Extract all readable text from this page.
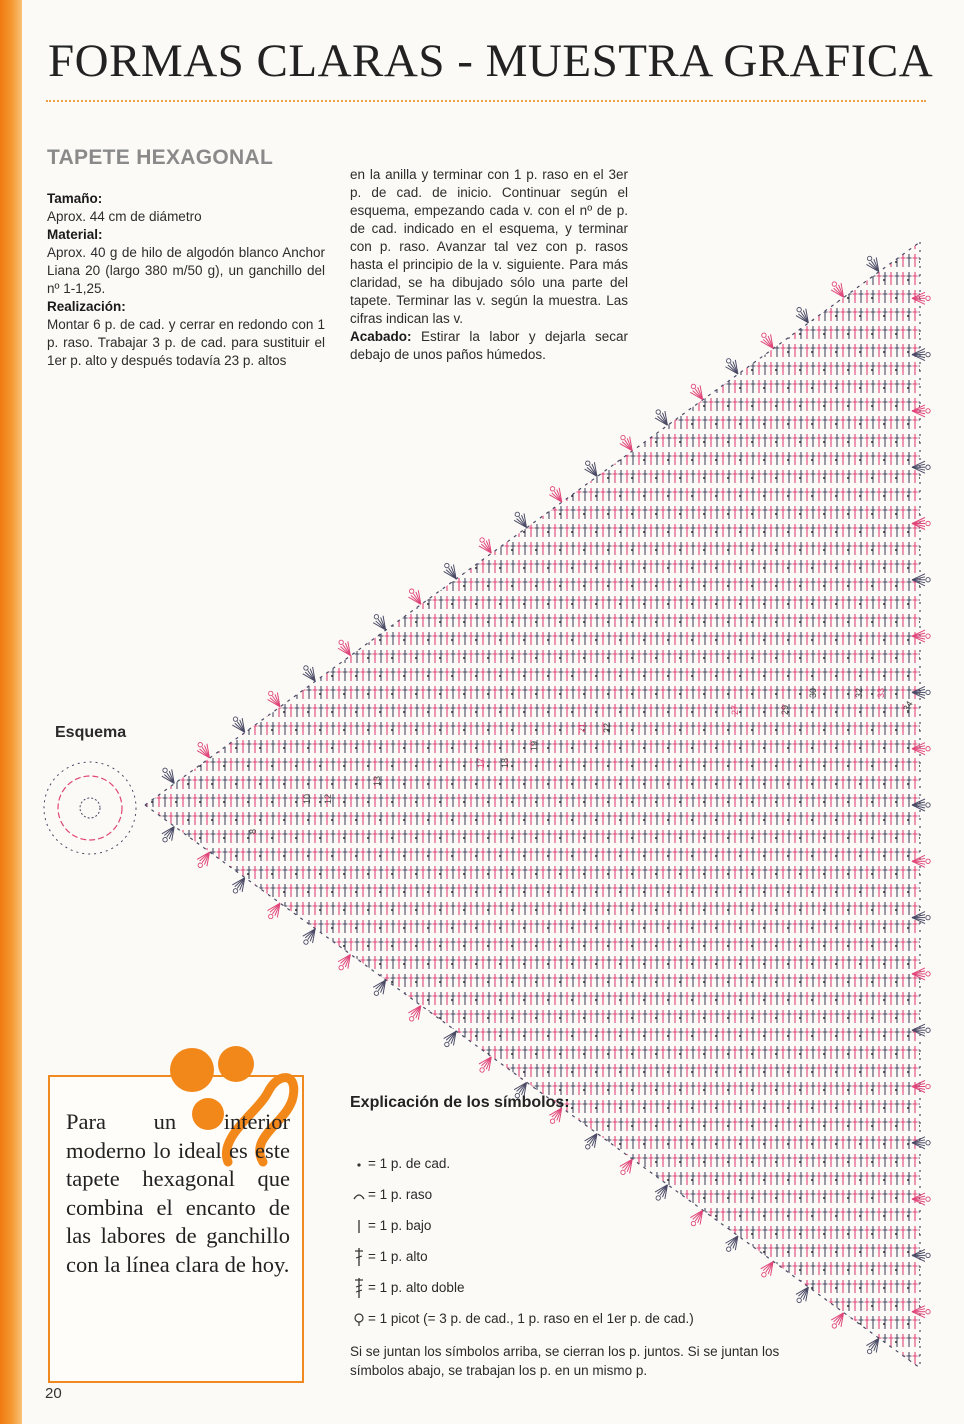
FORMAS CLARAS - MUESTRA GRAFICA
TAPETE HEXAGONAL

Tamaño:

Aprox. 44 cm de diámetro

Material:

Aprox. 40 g de hilo de algodón blanco Anchor Liana 20 (largo 380 m/50 g), un ganchillo del nº 1-1,25.

Realización:

Montar 6 p. de cad. y cerrar en redondo con 1 p. raso. Trabajar 3 p. de cad. para sustituir el 1er p. alto y después todavía 23 p. altos

en la anilla y terminar con 1 p. raso en el 3er p. de cad. de inicio. Continuar según el esquema, empezando cada v. con el nº de p. de cad. indicado en el esquema, y terminar con p. raso. Avanzar tal vez con p. rasos hasta el principio de la v. siguiente. Para más claridad, se ha dibujado sólo una parte del tapete. Terminar las v. según la muestra. Las cifras indican las v.

Acabado: Estirar la labor y dejarla secar debajo de unos paños húmedos.

8
10 12
13
17 18
19
21 22
27	29
30	32 33
34
Esquema

Para un interior moderno lo ideal es este tapete hexagonal que combina el encanto de las labores de ganchillo con la línea clara de hoy.

Explicación de los símbolos:
= 1 p. de cad.
= 1 p. raso
= 1 p. bajo
= 1 p. alto
= 1 p. alto doble
= 1 picot (= 3 p. de cad., 1 p. raso en el 1er p. de cad.)

Si se juntan los símbolos arriba, se cierran los p. juntos. Si se juntan los símbolos abajo, se trabajan los p. en un mismo p.

20
